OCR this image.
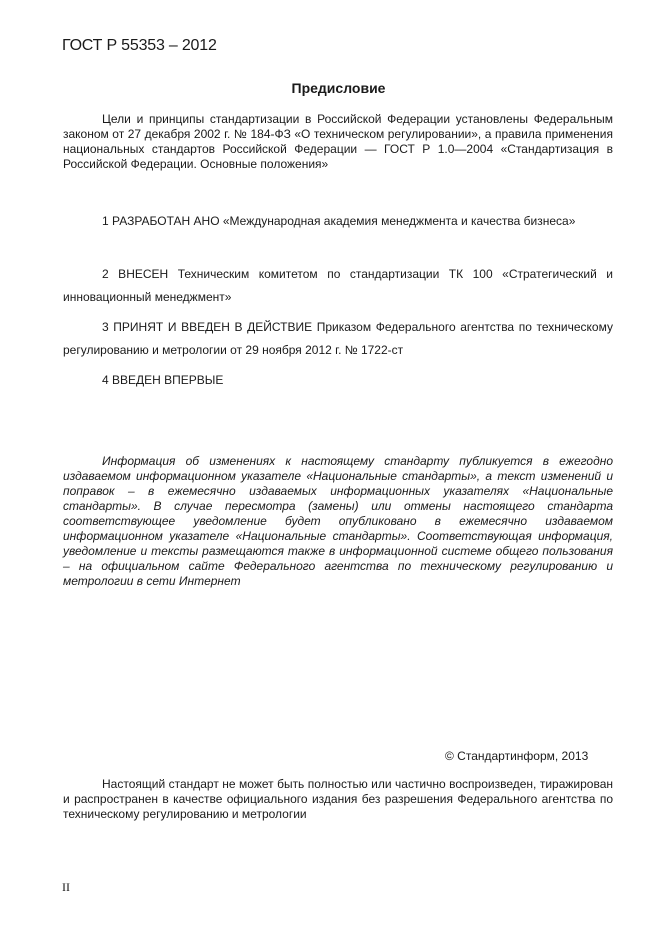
ГОСТ Р 55353 – 2012
Предисловие
Цели и принципы стандартизации в Российской Федерации установлены Федеральным законом от 27 декабря 2002 г. № 184-ФЗ «О техническом регулировании», а правила применения национальных стандартов Российской Федерации — ГОСТ Р 1.0—2004 «Стандартизация в Российской Федерации. Основные положения»
1 РАЗРАБОТАН АНО «Международная академия менеджмента и качества бизнеса»
2 ВНЕСЕН Техническим комитетом по стандартизации ТК 100 «Стратегический и инновационный менеджмент»
3 ПРИНЯТ И ВВЕДЕН В ДЕЙСТВИЕ Приказом Федерального агентства по техническому регулированию и метрологии от 29 ноября 2012 г. № 1722-ст
4 ВВЕДЕН ВПЕРВЫЕ
Информация об изменениях к настоящему стандарту публикуется в ежегодно издаваемом информационном указателе «Национальные стандарты», а текст изменений и поправок – в ежемесячно издаваемых информационных указателях «Национальные стандарты». В случае пересмотра (замены) или отмены настоящего стандарта соответствующее уведомление будет опубликовано в ежемесячно издаваемом информационном указателе «Национальные стандарты». Соответствующая информация, уведомление и тексты размещаются также в информационной системе общего пользования – на официальном сайте Федерального агентства по техническому регулированию и метрологии в сети Интернет
© Стандартинформ, 2013
Настоящий стандарт не может быть полностью или частично воспроизведен, тиражирован и распространен в качестве официального издания без разрешения Федерального агентства по техническому регулированию и метрологии
II
